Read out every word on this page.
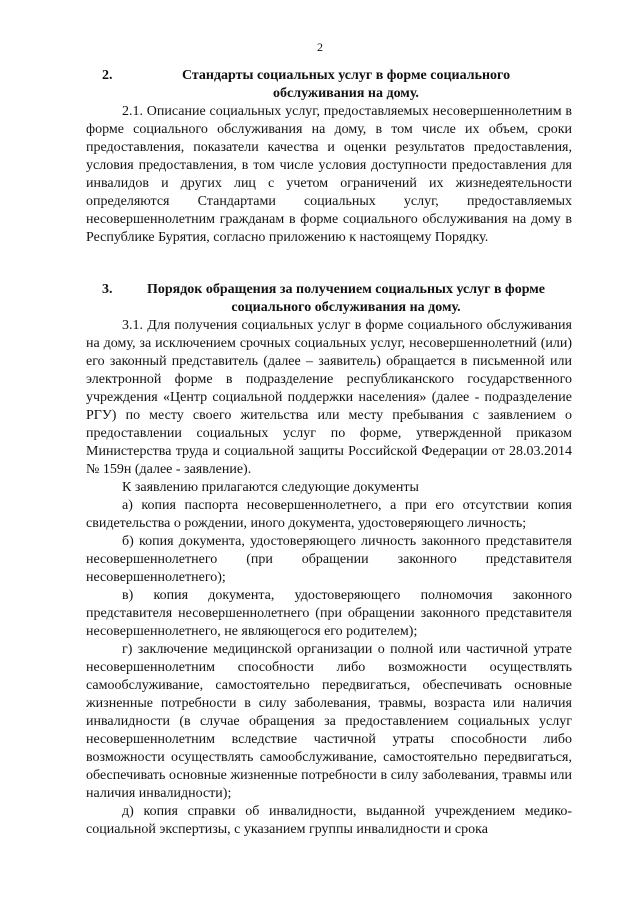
2
2.	Стандарты социальных услуг в форме социального
обслуживания на дому.

2.1. Описание социальных услуг, предоставляемых несовершеннолетним в форме социального обслуживания на дому, в том числе их объем, сроки предоставления, показатели качества и оценки результатов предоставления, условия предоставления, в том числе условия доступности предоставления для инвалидов и других лиц с учетом ограничений их жизнедеятельности определяются Стандартами социальных услуг, предоставляемых несовершеннолетним гражданам в форме социального обслуживания на дому в Республике Бурятия, согласно приложению к настоящему Порядку.

3.	Порядок обращения за получением социальных услуг в форме
социального обслуживания на дому.

3.1. Для получения социальных услуг в форме социального обслуживания на дому, за исключением срочных социальных услуг, несовершеннолетний (или) его законный представитель (далее – заявитель) обращается в письменной или электронной форме в подразделение республиканского государственного учреждения «Центр социальной поддержки населения» (далее - подразделение РГУ) по месту своего жительства или месту пребывания с заявлением о предоставлении социальных услуг по форме, утвержденной приказом Министерства труда и социальной защиты Российской Федерации от 28.03.2014 № 159н (далее - заявление).

К заявлению прилагаются следующие документы

а) копия паспорта несовершеннолетнего, а при его отсутствии копия свидетельства о рождении, иного документа, удостоверяющего личность;

б) копия документа, удостоверяющего личность законного представителя несовершеннолетнего (при обращении законного представителя несовершеннолетнего);

в) копия документа, удостоверяющего полномочия законного представителя несовершеннолетнего (при обращении законного представителя несовершеннолетнего, не являющегося его родителем);

г) заключение медицинской организации о полной или частичной утрате несовершеннолетним способности либо возможности осуществлять самообслуживание, самостоятельно передвигаться, обеспечивать основные жизненные потребности в силу заболевания, травмы, возраста или наличия инвалидности (в случае обращения за предоставлением социальных услуг несовершеннолетним вследствие частичной утраты способности либо возможности осуществлять самообслуживание, самостоятельно передвигаться, обеспечивать основные жизненные потребности в силу заболевания, травмы или наличия инвалидности);

д) копия справки об инвалидности, выданной учреждением медико-социальной экспертизы, с указанием группы инвалидности и срока
